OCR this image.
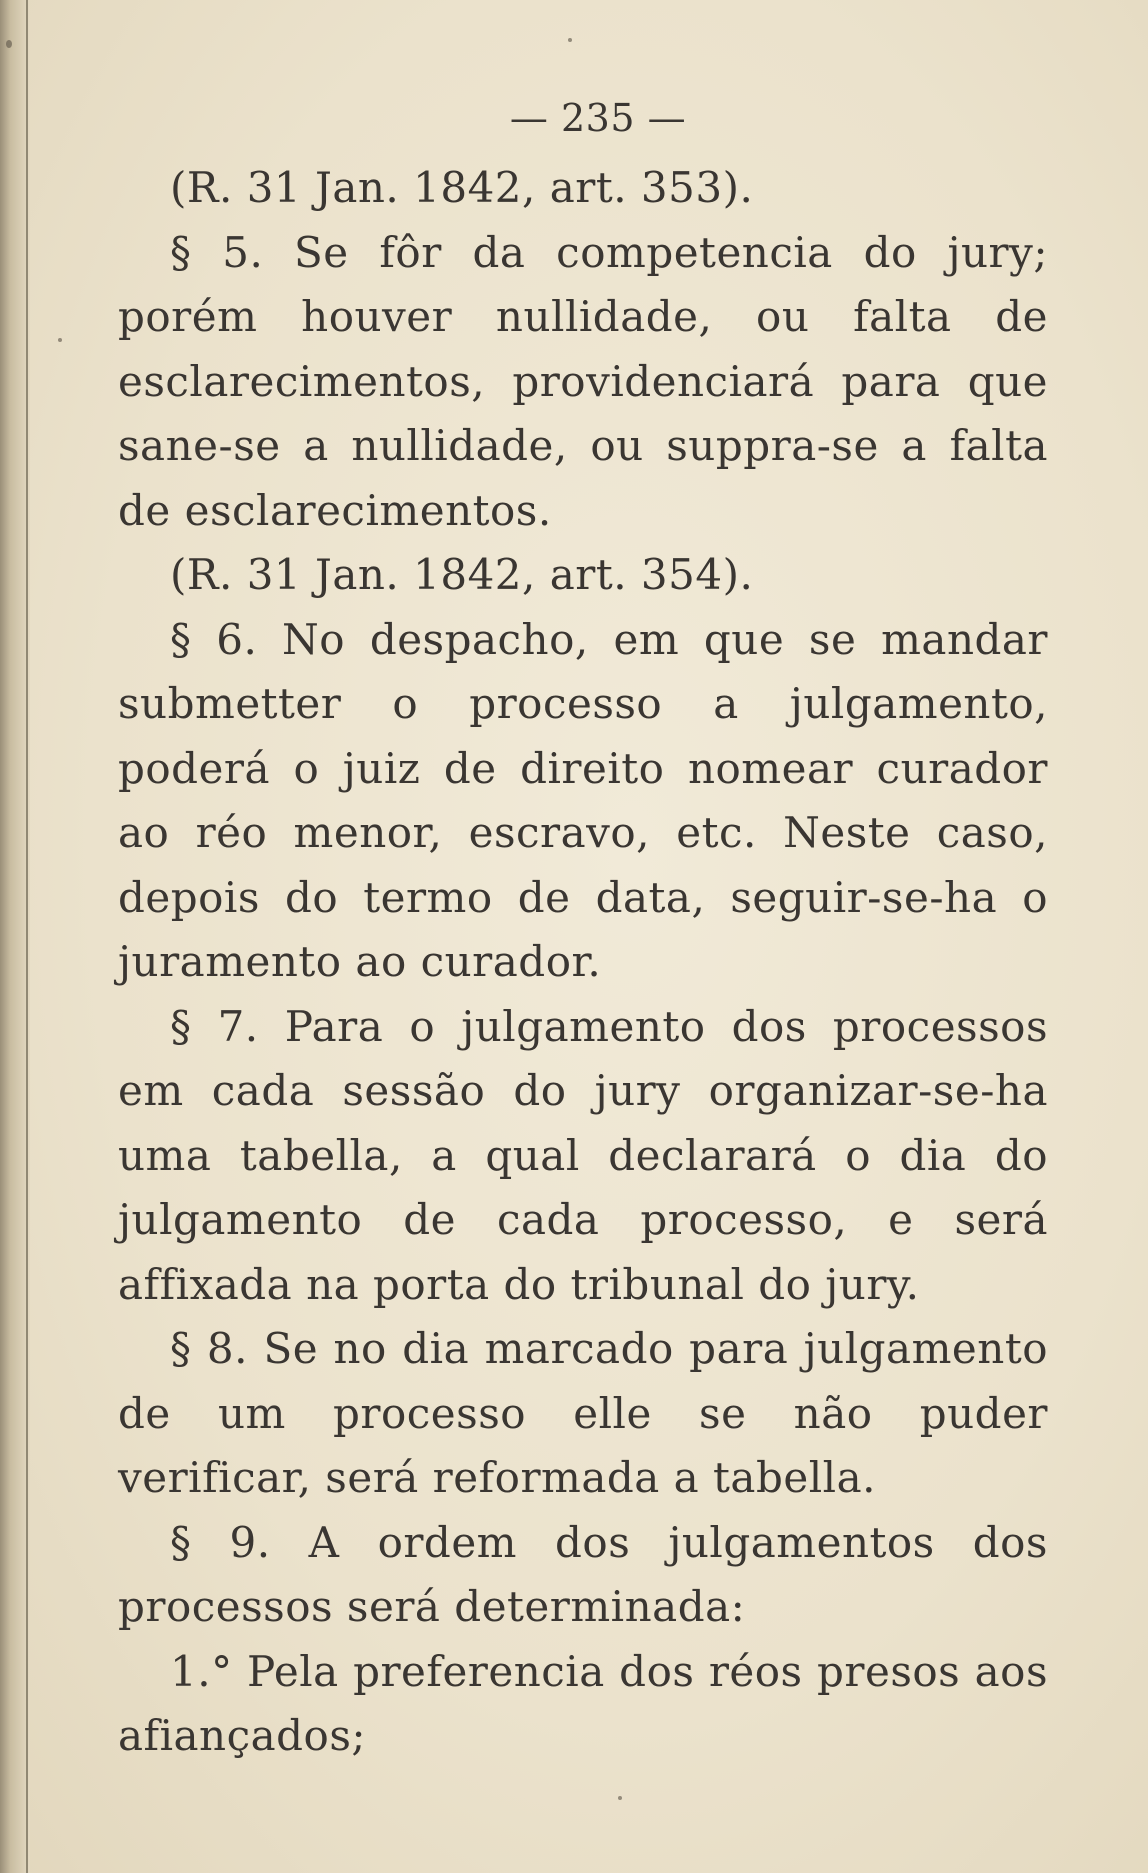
— 235 —

(R. 31 Jan. 1842, art. 353).

§ 5. Se fôr da competencia do jury; porém houver nullidade, ou falta de esclarecimentos, providenciará para que sane-se a nullidade, ou suppra-se a falta de esclarecimentos.

(R. 31 Jan. 1842, art. 354).

§ 6. No despacho, em que se mandar submetter o processo a julgamento, poderá o juiz de direito nomear curador ao réo menor, escravo, etc. Neste caso, depois do termo de data, seguir-se-ha o juramento ao curador.

§ 7. Para o julgamento dos processos em cada sessão do jury organizar-se-ha uma tabella, a qual declarará o dia do julgamento de cada processo, e será affixada na porta do tribunal do jury.

§ 8. Se no dia marcado para julgamento de um processo elle se não puder verificar, será reformada a tabella.

§ 9. A ordem dos julgamentos dos processos será determinada:

1.° Pela preferencia dos réos presos aos afiançados;
